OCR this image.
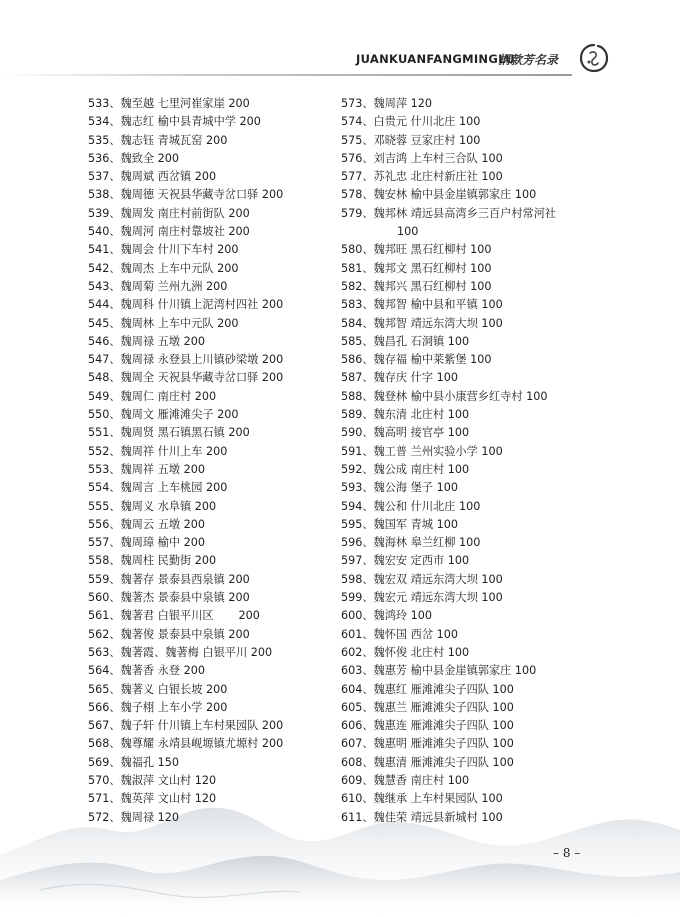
JUANKUANFANGMINGLU
捐款芳名录
533、魏至越 七里河崔家崖 200
534、魏志红 榆中县青城中学 200
535、魏志钰 青城瓦窑 200
536、魏致全 200
537、魏周斌 西岔镇 200
538、魏周德 天祝县华藏寺岔口驿 200
539、魏周发 南庄村前街队 200
540、魏周河 南庄村靠坡社 200
541、魏周会 什川下车村 200
542、魏周杰 上车中元队 200
543、魏周菊 兰州九洲 200
544、魏周科 什川镇上泥湾村四社 200
545、魏周林 上车中元队 200
546、魏周禄 五墩 200
547、魏周禄 永登县上川镇砂梁墩 200
548、魏周全 天祝县华藏寺岔口驿 200
549、魏周仁 南庄村 200
550、魏周文 雁滩滩尖子 200
551、魏周贤 黑石镇黑石镇 200
552、魏周祥 什川上车 200
553、魏周祥 五墩 200
554、魏周言 上车桃园 200
555、魏周义 水阜镇 200
556、魏周云 五墩 200
557、魏周璋 榆中 200
558、魏周柱 民勤街 200
559、魏著存 景泰县西泉镇 200
560、魏著杰 景泰县中泉镇 200
561、魏著君 白银平川区       200
562、魏著俊 景泰县中泉镇 200
563、魏著霞、魏著梅 白银平川 200
564、魏著香 永登 200
565、魏著义 白银长坡 200
566、魏子栩 上车小学 200
567、魏子轩 什川镇上车村果园队 200
568、魏尊耀 永靖县岘塬镇尤塬村 200
569、魏福孔 150
570、魏淑萍 文山村 120
571、魏英萍 文山村 120
572、魏周禄 120
573、魏周萍 120
574、白贵元 什川北庄 100
575、邓晓蓉 豆家庄村 100
576、刘吉鸿 上车村三合队 100
577、苏礼忠 北庄村新庄社 100
578、魏安林 榆中县金崖镇郭家庄 100
579、魏邦林 靖远县高湾乡三百户村常河社
100
580、魏邦旺 黑石红柳村 100
581、魏邦文 黑石红柳村 100
582、魏邦兴 黑石红柳村 100
583、魏邦智 榆中县和平镇 100
584、魏邦智 靖远东湾大坝 100
585、魏昌孔 石洞镇 100
586、魏存福 榆中莱紫堡 100
587、魏存庆 什字 100
588、魏登林 榆中县小康营乡红寺村 100
589、魏东清 北庄村 100
590、魏高明 接官亭 100
591、魏工普 兰州实验小学 100
592、魏公成 南庄村 100
593、魏公海 堡子 100
594、魏公和 什川北庄 100
595、魏国军 青城 100
596、魏海林 皋兰红柳 100
597、魏宏安 定西市 100
598、魏宏双 靖远东湾大坝 100
599、魏宏元 靖远东湾大坝 100
600、魏鸿玲 100
601、魏怀国 西岔 100
602、魏怀俊 北庄村 100
603、魏惠芳 榆中县金崖镇郭家庄 100
604、魏惠红 雁滩滩尖子四队 100
605、魏惠兰 雁滩滩尖子四队 100
606、魏惠连 雁滩滩尖子四队 100
607、魏惠明 雁滩滩尖子四队 100
608、魏惠清 雁滩滩尖子四队 100
609、魏慧香 南庄村 100
610、魏继承 上车村果园队 100
611、魏佳荣 靖远县新城村 100
– 8 –
